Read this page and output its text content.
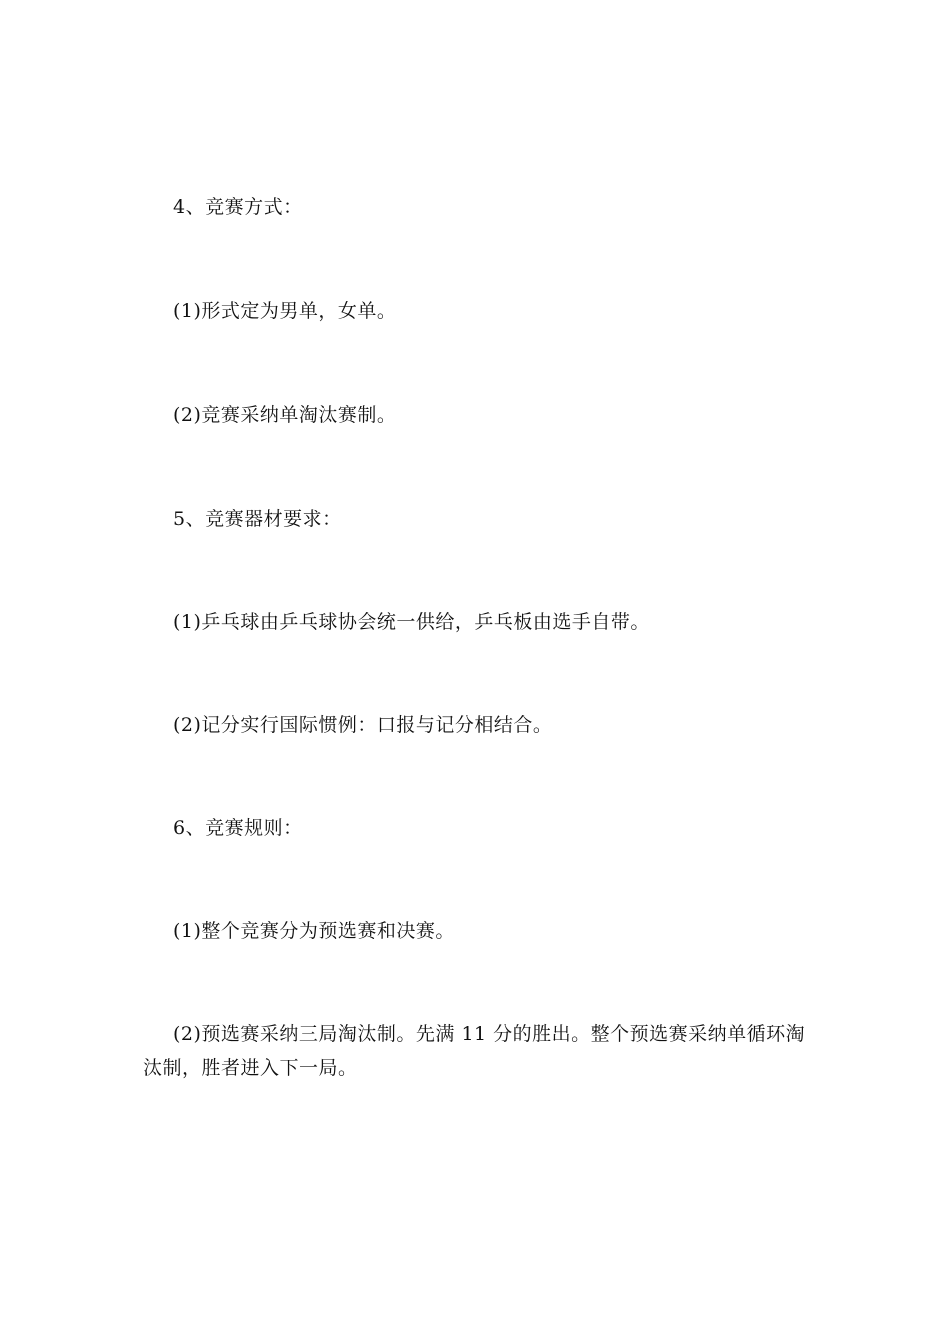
4、竞赛方式：

(1)形式定为男单，女单。

(2)竞赛采纳单淘汰赛制。

5、竞赛器材要求：

(1)乒乓球由乒乓球协会统一供给，乒乓板由选手自带。

(2)记分实行国际惯例：口报与记分相结合。

6、竞赛规则：

(1)整个竞赛分为预选赛和决赛。

(2)预选赛采纳三局淘汰制。先满 11 分的胜出。整个预选赛采纳单循环淘汰制，胜者进入下一局。
